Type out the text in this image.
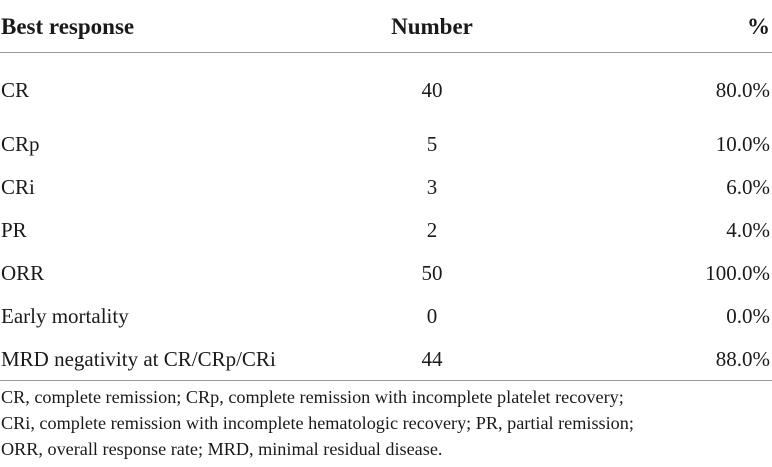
Best response	Number	%
CR	40	80.0%
CRp	5	10.0%
CRi	3	6.0%
PR	2	4.0%
ORR	50	100.0%
Early mortality	0	0.0%
MRD negativity at CR/CRp/CRi	44	88.0%
CR, complete remission; CRp, complete remission with incomplete platelet recovery;
CRi, complete remission with incomplete hematologic recovery; PR, partial remission;
ORR, overall response rate; MRD, minimal residual disease.
